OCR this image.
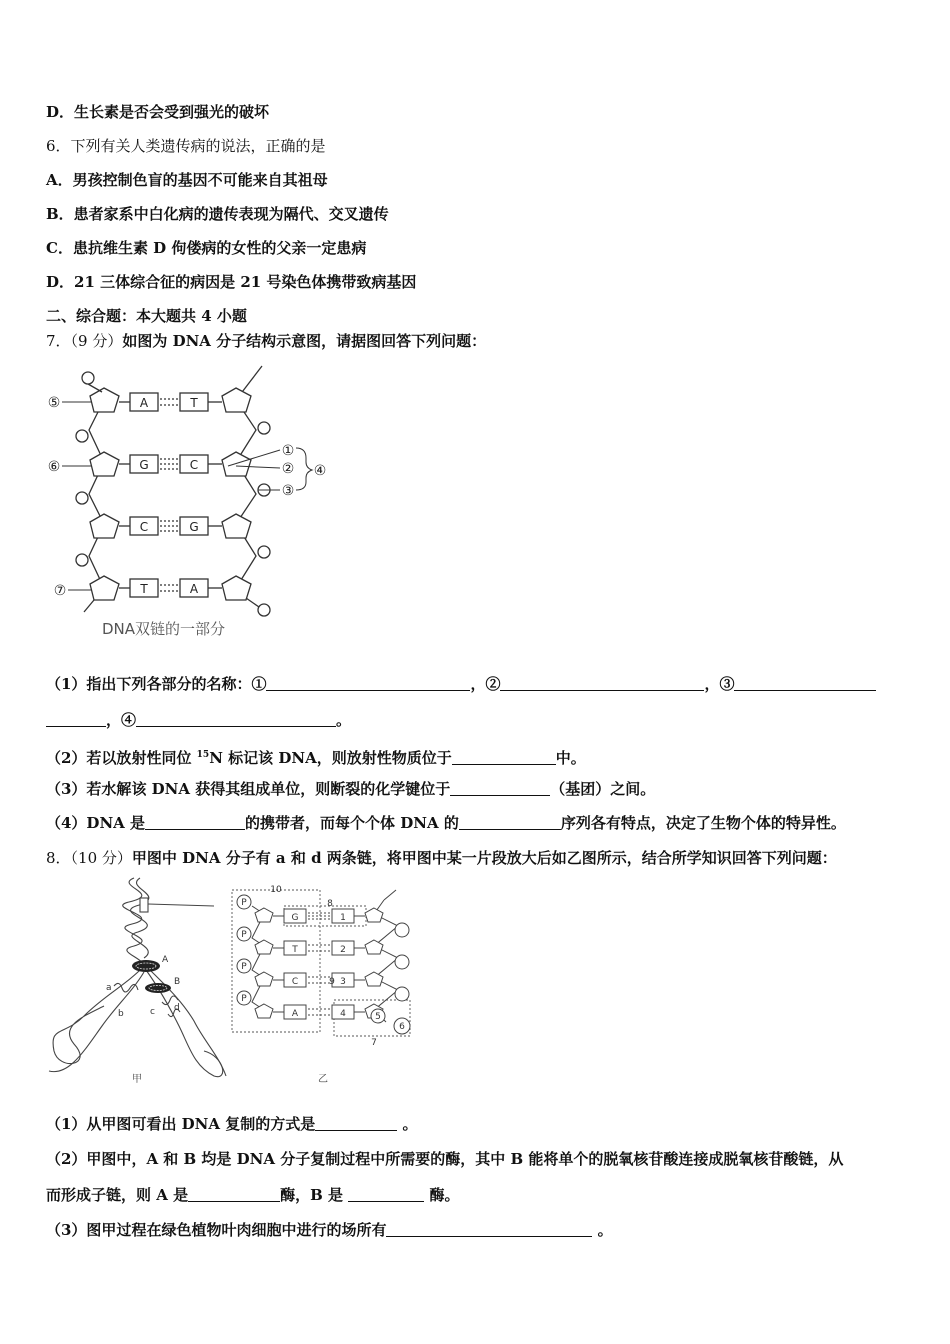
D．生长素是否会受到强光的破坏
6．下列有关人类遗传病的说法，正确的是
A．男孩控制色盲的基因不可能来自其祖母
B．患者家系中白化病的遗传表现为隔代、交叉遗传
C．患抗维生素 D 佝偻病的女性的父亲一定患病
D．21 三体综合征的病因是 21 号染色体携带致病基因
二、综合题：本大题共 4 小题
7．（9 分）如图为 DNA 分子结构示意图，请据图回答下列问题：
A	T
G	C
C	G
T	A
⑤
⑥
⑦
①
②
③
④
DNA双链的一部分
（1）指出下列各部分的名称：①	，②	，③
，④	。
（2）若以放射性同位 $^{15}$N 标记该 DNA，则放射性物质位于	中。
（3）若水解该 DNA 获得其组成单位，则断裂的化学键位于	（基团）之间。
（4）DNA 是	的携带者，而每个个体 DNA 的	序列各有特点，决定了生物个体的特异性。
8．（10 分）甲图中 DNA 分子有 a 和 d 两条链，将甲图中某一片段放大后如乙图所示，结合所学知识回答下列问题：
A
B
a
b	c d
甲
P
P
P
P
G
T
C
A
1
2
3
4
10
8
9
5
6
7
乙
（1）从甲图可看出 DNA 复制的方式是	。
（2）甲图中，A 和 B 均是 DNA 分子复制过程中所需要的酶，其中 B 能将单个的脱氧核苷酸连接成脱氧核苷酸链，从
而形成子链，则 A 是	酶，B 是	酶。
（3）图甲过程在绿色植物叶肉细胞中进行的场所有	。
